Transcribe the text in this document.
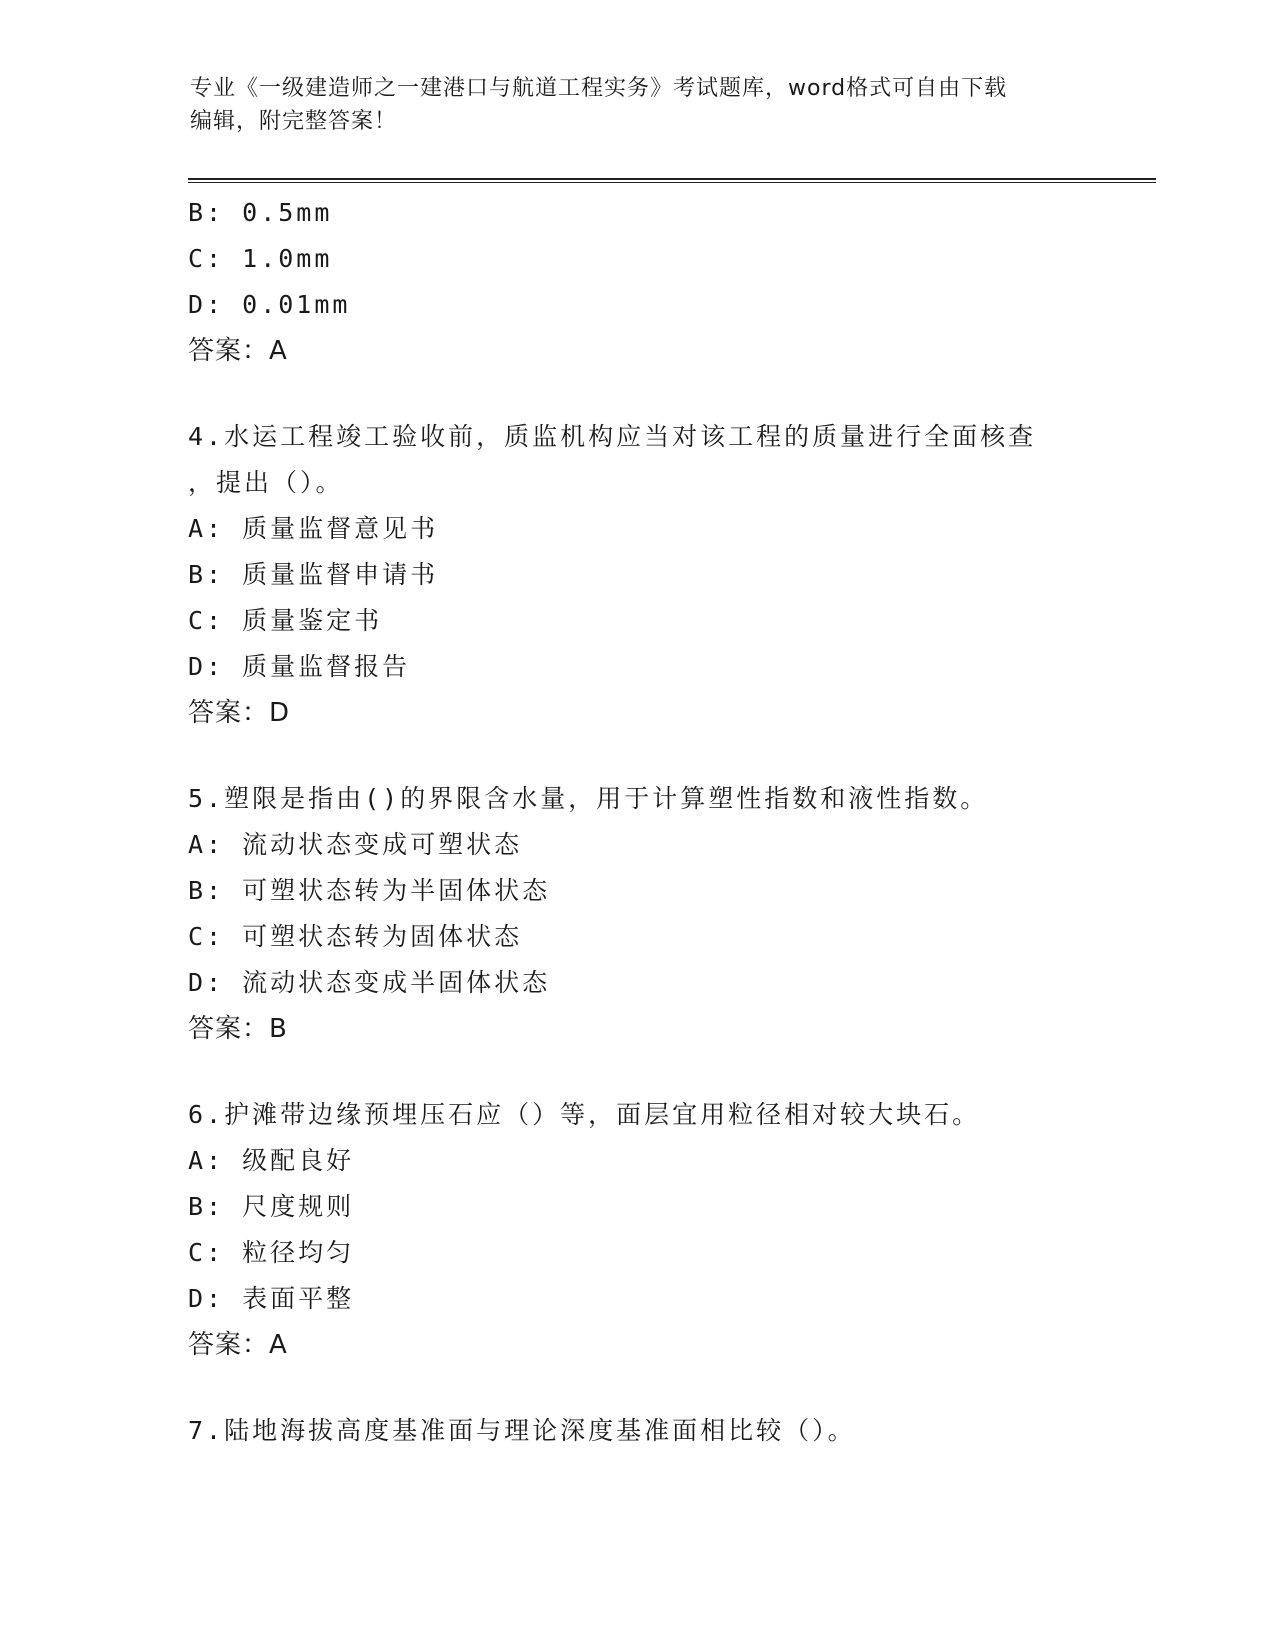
专业《一级建造师之一建港口与航道工程实务》考试题库，word格式可自由下载
编辑，附完整答案！
B: 0.5mm
C: 1.0mm
D: 0.01mm
答案：A
4.水运工程竣工验收前，质监机构应当对该工程的质量进行全面核查
，提出（）。
A: 质量监督意见书
B: 质量监督申请书
C: 质量鉴定书
D: 质量监督报告
答案：D
5.塑限是指由()的界限含水量，用于计算塑性指数和液性指数。
A: 流动状态变成可塑状态
B: 可塑状态转为半固体状态
C: 可塑状态转为固体状态
D: 流动状态变成半固体状态
答案：B
6.护滩带边缘预埋压石应（）等，面层宜用粒径相对较大块石。
A: 级配良好
B: 尺度规则
C: 粒径均匀
D: 表面平整
答案：A
7.陆地海拔高度基准面与理论深度基准面相比较（）。
